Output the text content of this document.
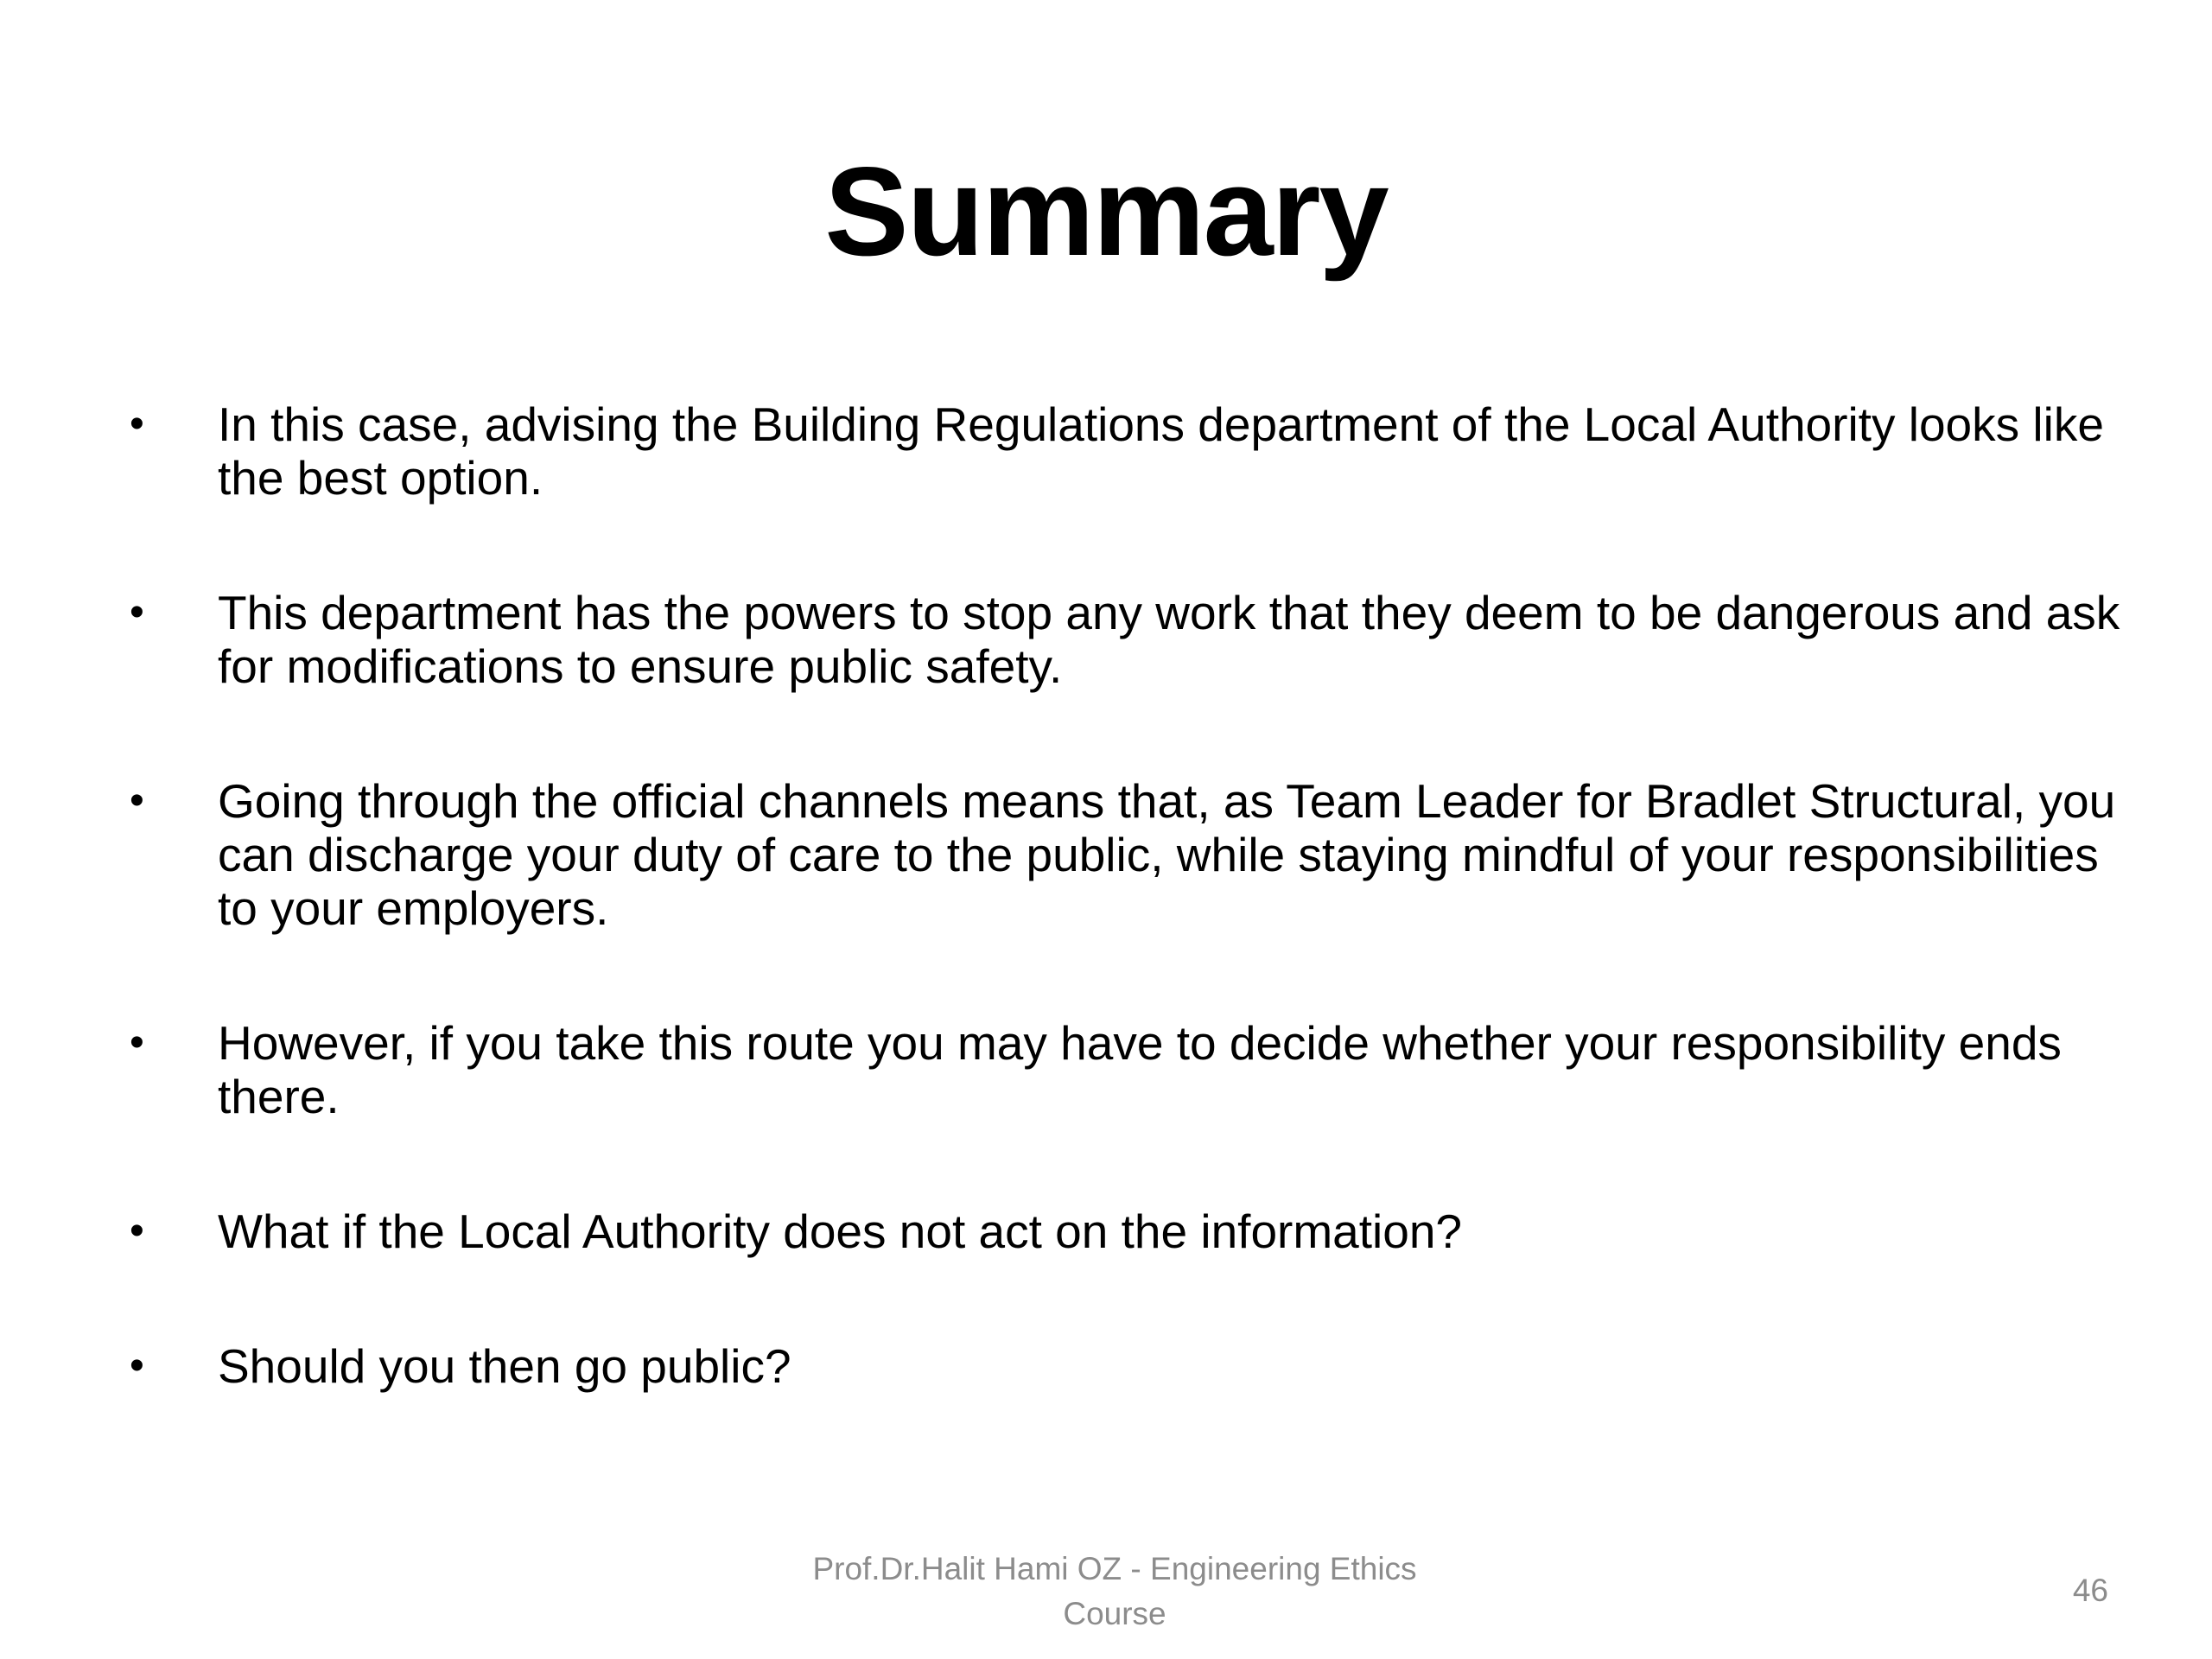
Summary
• In this case, advising the Building Regulations department of the Local Authority looks like the best option.
• This department has the powers to stop any work that they deem to be dangerous and ask for modifications to ensure public safety.
• Going through the official channels means that, as Team Leader for Bradlet Structural, you can discharge your duty of care to the public, while staying mindful of your responsibilities to your employers.
• However, if you take this route you may have to decide whether your responsibility ends there.
• What if the Local Authority does not act on the information?
• Should you then go public?
Prof.Dr.Halit Hami OZ - Engineering Ethics Course
46
